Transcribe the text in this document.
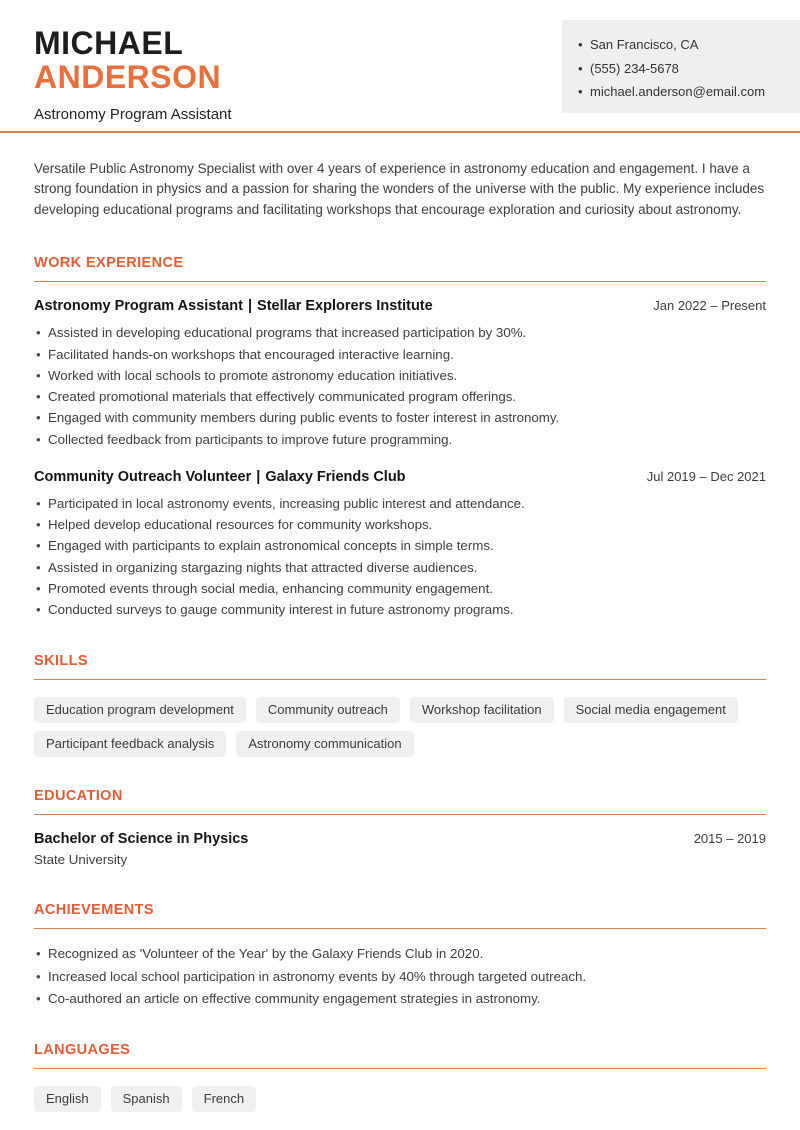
MICHAEL
ANDERSON
Astronomy Program Assistant
• San Francisco, CA
• (555) 234-5678
• michael.anderson@email.com

Versatile Public Astronomy Specialist with over 4 years of experience in astronomy education and engagement. I have a strong foundation in physics and a passion for sharing the wonders of the universe with the public. My experience includes developing educational programs and facilitating workshops that encourage exploration and curiosity about astronomy.

WORK EXPERIENCE
Astronomy Program Assistant | Stellar Explorers Institute	Jan 2022 – Present
• Assisted in developing educational programs that increased participation by 30%.
• Facilitated hands-on workshops that encouraged interactive learning.
• Worked with local schools to promote astronomy education initiatives.
• Created promotional materials that effectively communicated program offerings.
• Engaged with community members during public events to foster interest in astronomy.
• Collected feedback from participants to improve future programming.
Community Outreach Volunteer | Galaxy Friends Club	Jul 2019 – Dec 2021
• Participated in local astronomy events, increasing public interest and attendance.
• Helped develop educational resources for community workshops.
• Engaged with participants to explain astronomical concepts in simple terms.
• Assisted in organizing stargazing nights that attracted diverse audiences.
• Promoted events through social media, enhancing community engagement.
• Conducted surveys to gauge community interest in future astronomy programs.
SKILLS
Education program development	Community outreach	Workshop facilitation	Social media engagement
Participant feedback analysis	Astronomy communication
EDUCATION
Bachelor of Science in Physics	2015 – 2019
State University
ACHIEVEMENTS
• Recognized as 'Volunteer of the Year' by the Galaxy Friends Club in 2020.
• Increased local school participation in astronomy events by 40% through targeted outreach.
• Co-authored an article on effective community engagement strategies in astronomy.
LANGUAGES
English	Spanish	French
